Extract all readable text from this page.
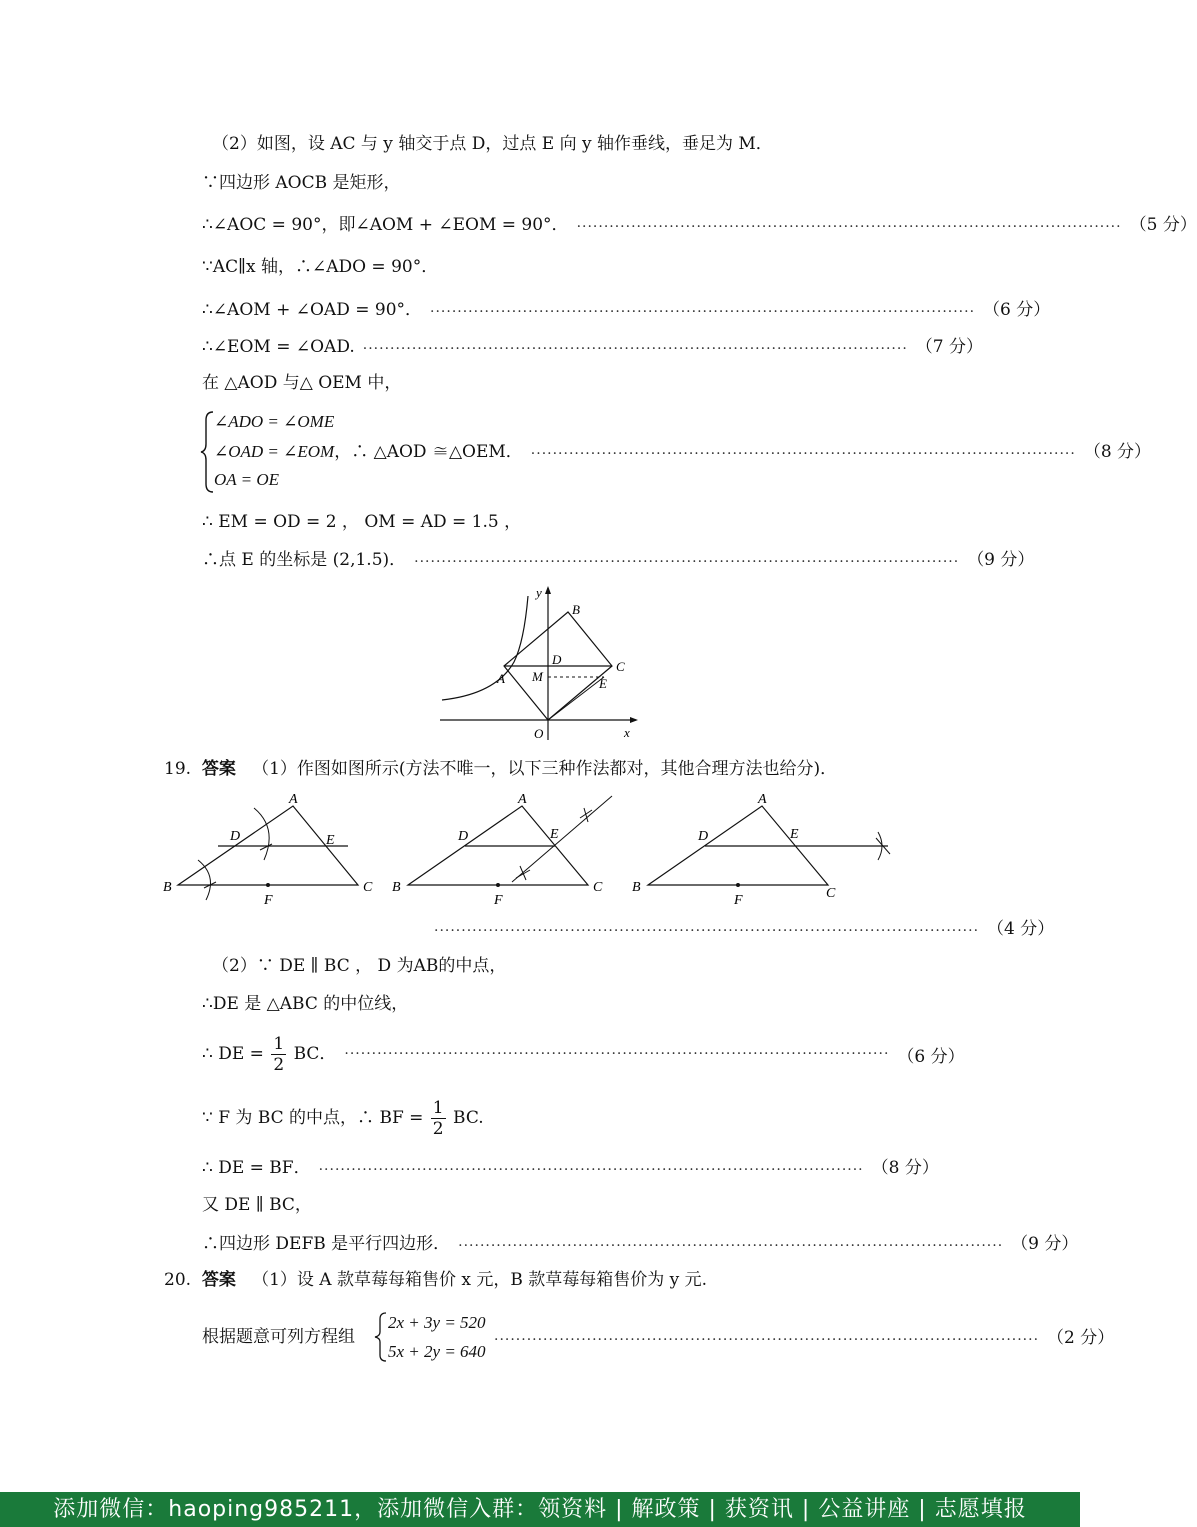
（2）如图，设 AC 与 y 轴交于点 D，过点 E 向 y 轴作垂线，垂足为 M．
∵四边形 AOCB 是矩形，
∴∠AOC = 90°，即∠AOM + ∠EOM = 90°． ···································································································· （5 分）
∵AC∥x 轴，∴∠ADO = 90°．
∴∠AOM + ∠OAD = 90°． ···································································································· （6 分）
∴∠EOM = ∠OAD. ···································································································· （7 分）
在 △AOD 与△ OEM 中，
∠ADO = ∠OME
OA = OE
∠OAD = ∠EOM ，∴ △AOD ≅△OEM． ···································································································· （8 分）
∴ EM = OD = 2 ， OM = AD = 1.5 ，
∴点 E 的坐标是 (2,1.5)． ···································································································· （9 分）
y
x
O
A
B
C
D
E
M
19. 答案 （1）作图如图所示(方法不唯一，以下三种作法都对，其他合理方法也给分)．
A
B	C
D	E
F
A
B	C
D	E
F
A
B	C
D	E
F
···································································································· （4 分）
（2）∵ DE ∥ BC ， D 为AB的中点，
∴DE 是 △ABC 的中位线，
∴ DE = $\frac{1}{2}$ BC． ···································································································· （6 分）
∵ F 为 BC 的中点，∴ BF = $\frac{1}{2}$ BC.
∴ DE = BF． ···································································································· （8 分）
又 DE ∥ BC，
∴四边形 DEFB 是平行四边形． ···································································································· （9 分）
20. 答案 （1）设 A 款草莓每箱售价 x 元，B 款草莓每箱售价为 y 元.
2x + 3y = 520
5x + 2y = 640
根据题意可列方程组	···································································································· （2 分）
添加微信：haoping985211，添加微信入群：领资料 | 解政策 | 获资讯 | 公益讲座 | 志愿填报
